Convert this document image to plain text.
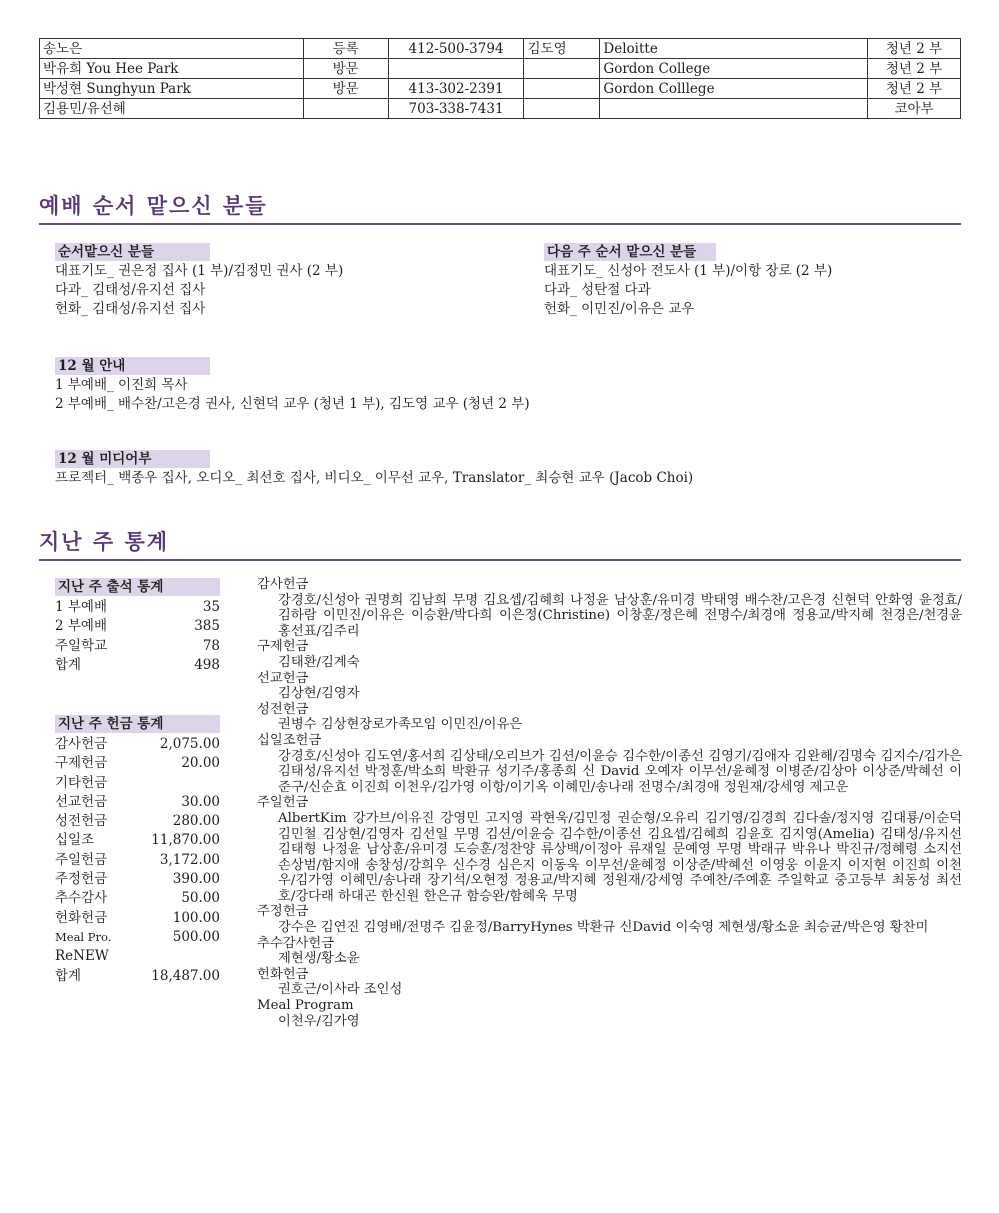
송노은	등록	412-500-3794	김도영	Deloitte	청년 2 부
박유희 You Hee Park	방문			Gordon College	청년 2 부
박성현 Sunghyun Park	방문	413-302-2391		Gordon Colllege	청년 2 부
김용민/유선혜		703-338-7431			코아부
예배 순서 맡으신 분들
순서맡으신 분들
대표기도_ 권은정 집사 (1 부)/김정민 권사 (2 부)
다과_ 김태성/유지선 집사
헌화_ 김태성/유지선 집사
다음 주 순서 맡으신 분들
대표기도_ 신성아 전도사 (1 부)/이항 장로 (2 부)
다과_ 성탄절 다과
헌화_ 이민진/이유은 교우
12 월 안내
1 부예배_ 이진희 목사
2 부예배_ 배수찬/고은경 권사, 신현덕 교우 (청년 1 부), 김도영 교우 (청년 2 부)
12 월 미디어부
프로젝터_ 백종우 집사, 오디오_ 최선호 집사, 비디오_ 이무선 교우, Translator_ 최승현 교우 (Jacob Choi)
지난 주 통계
지난 주 출석 통계
1 부예배	35
2 부예배	385
주일학교	78
합계	498
지난 주 헌금 통계
감사헌금	2,075.00
구제헌금	20.00
기타헌금
선교헌금	30.00
성전헌금	280.00
십일조	11,870.00
주일헌금	3,172.00
주정헌금	390.00
추수감사	50.00
헌화헌금	100.00
Meal Pro.	500.00
ReNEW
합계	18,487.00
감사헌금
강경호/신성아 권명희 김남희 무명 김요셉/김혜희 나정윤 남상훈/유미경 박태영 배수찬/고은경 신현덕 안화영 윤정효/김하람 이민진/이유은 이승환/박다희 이은정(Christine) 이창훈/정은혜 전명수/최경애 정용교/박지혜 천경은/천경윤 홍선표/김주리
구제헌금
김태환/김계숙
선교헌금
김상현/김영자
성전헌금
권병수 김상현장로가족모임 이민진/이유은
십일조헌금
강경호/신성아 김도연/홍서희 김상태/오리브가 김션/이윤승 김수한/이종선 김영기/김애자 김완해/김명숙 김지수/김가은 김태성/유지선 박정훈/박소희 박환규 성기주/홍종희 신 David 오예자 이무선/윤혜정 이병준/김상아 이상준/박혜선 이준구/신순효 이진희 이천우/김가영 이항/이기옥 이혜민/송나래 전명수/최경애 정원재/강세영 제고운
주일헌금
AlbertKim 강가브/이유진 강영민 고지영 곽현욱/김민정 권순형/오유리 김기영/김경희 김다솔/정지영 김대룡/이순덕 김민철 김상현/김영자 김선일 무명 김션/이윤승 김수한/이종선 김요셉/김혜희 김윤호 김지영(Amelia) 김태성/유지선 김태형 나정윤 남상훈/유미경 도승훈/정찬양 류상백/이정아 류재일 문예영 무명 박래규 박유나 박진규/정혜령 소지선 손상범/함지애 송창성/강희우 신수경 심은지 이동욱 이무선/윤혜정 이상준/박혜선 이영웅 이윤지 이지현 이진희 이천우/김가영 이혜민/송나래 장기석/오현정 정용교/박지혜 정원재/강세영 주예찬/주예훈 주일학교 중고등부 최동성 최선호/강다래 하대곤 한신원 한은규 함승완/함혜욱 무명
주정헌금
강수은 김연진 김영배/전명주 김윤정/BarryHynes 박환규 신David 이숙영 제현생/황소윤 최승균/박은영 황찬미
추수감사헌금
제현생/황소윤
헌화헌금
권호근/이사라 조인성
Meal Program
이천우/김가영
